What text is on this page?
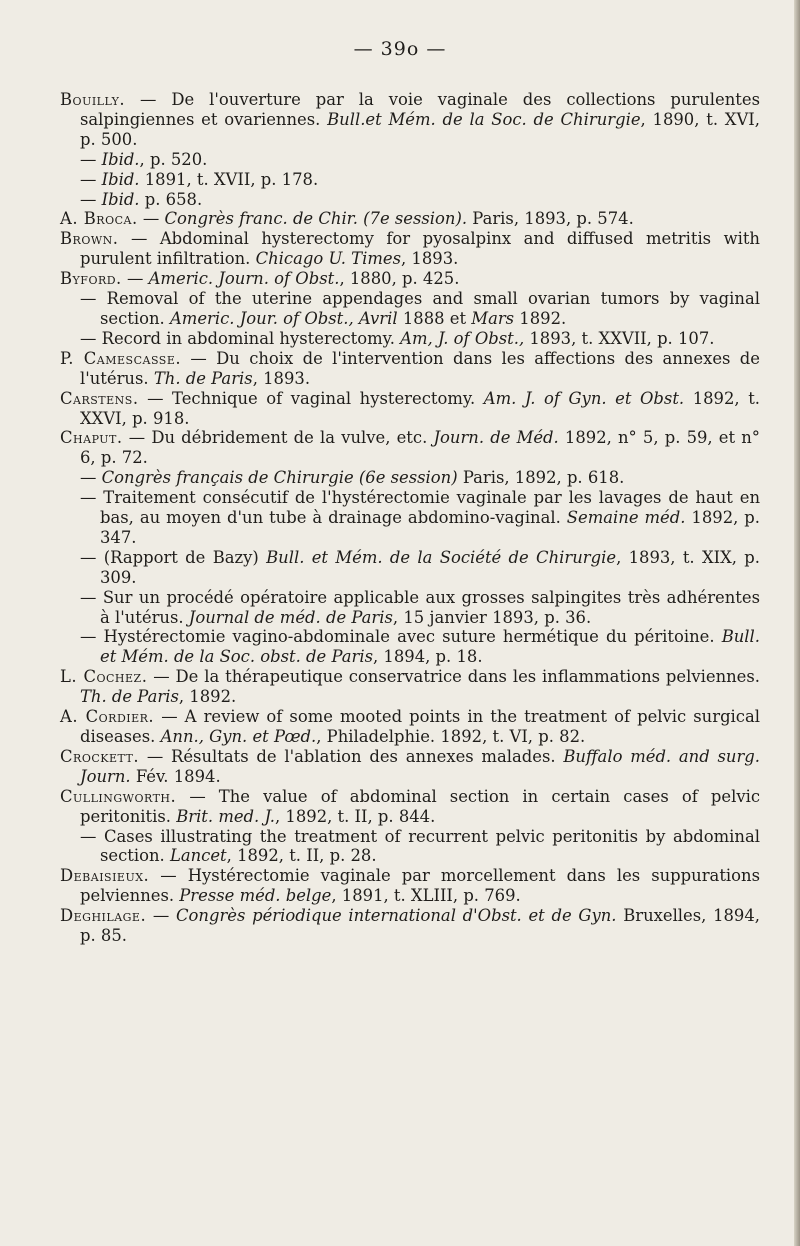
— 39o —

Bouilly. — De l'ouverture par la voie vaginale des collections purulentes salpingiennes et ovariennes. Bull.et Mém. de la Soc. de Chirurgie, 1890, t. XVI, p. 500.

— Ibid., p. 520.

— Ibid. 1891, t. XVII, p. 178.

— Ibid. p. 658.

A. Broca. — Congrès franc. de Chir. (7e session). Paris, 1893, p. 574.

Brown. — Abdominal hysterectomy for pyosalpinx and diffused metritis with purulent infiltration. Chicago U. Times, 1893.

Byford. — Americ. Journ. of Obst., 1880, p. 425.

— Removal of the uterine appendages and small ovarian tumors by vaginal section. Americ. Jour. of Obst., Avril 1888 et Mars 1892.

— Record in abdominal hysterectomy. Am, J. of Obst., 1893, t. XXVII, p. 107.

P. Camescasse. — Du choix de l'intervention dans les affections des annexes de l'utérus. Th. de Paris, 1893.

Carstens. — Technique of vaginal hysterectomy. Am. J. of Gyn. et Obst. 1892, t. XXVI, p. 918.

Chaput. — Du débridement de la vulve, etc. Journ. de Méd. 1892, n° 5, p. 59, et n° 6, p. 72.

— Congrès français de Chirurgie (6e session) Paris, 1892, p. 618.

— Traitement consécutif de l'hystérectomie vaginale par les lavages de haut en bas, au moyen d'un tube à drainage abdomino-vaginal. Semaine méd. 1892, p. 347.

— (Rapport de Bazy) Bull. et Mém. de la Société de Chirurgie, 1893, t. XIX, p. 309.

— Sur un procédé opératoire applicable aux grosses salpingites très adhérentes à l'utérus. Journal de méd. de Paris, 15 janvier 1893, p. 36.

— Hystérectomie vagino-abdominale avec suture hermétique du péritoine. Bull. et Mém. de la Soc. obst. de Paris, 1894, p. 18.

L. Cochez. — De la thérapeutique conservatrice dans les inflammations pelviennes. Th. de Paris, 1892.

A. Cordier. — A review of some mooted points in the treatment of pelvic surgical diseases. Ann., Gyn. et Pœd., Philadelphie. 1892, t. VI, p. 82.

Crockett. — Résultats de l'ablation des annexes malades. Buffalo méd. and surg. Journ. Fév. 1894.

Cullingworth. — The value of abdominal section in certain cases of pelvic peritonitis. Brit. med. J., 1892, t. II, p. 844.

— Cases illustrating the treatment of recurrent pelvic peritonitis by abdominal section. Lancet, 1892, t. II, p. 28.

Debaisieux. — Hystérectomie vaginale par morcellement dans les suppurations pelviennes. Presse méd. belge, 1891, t. XLIII, p. 769.

Deghilage. — Congrès périodique international d'Obst. et de Gyn. Bruxelles, 1894, p. 85.
